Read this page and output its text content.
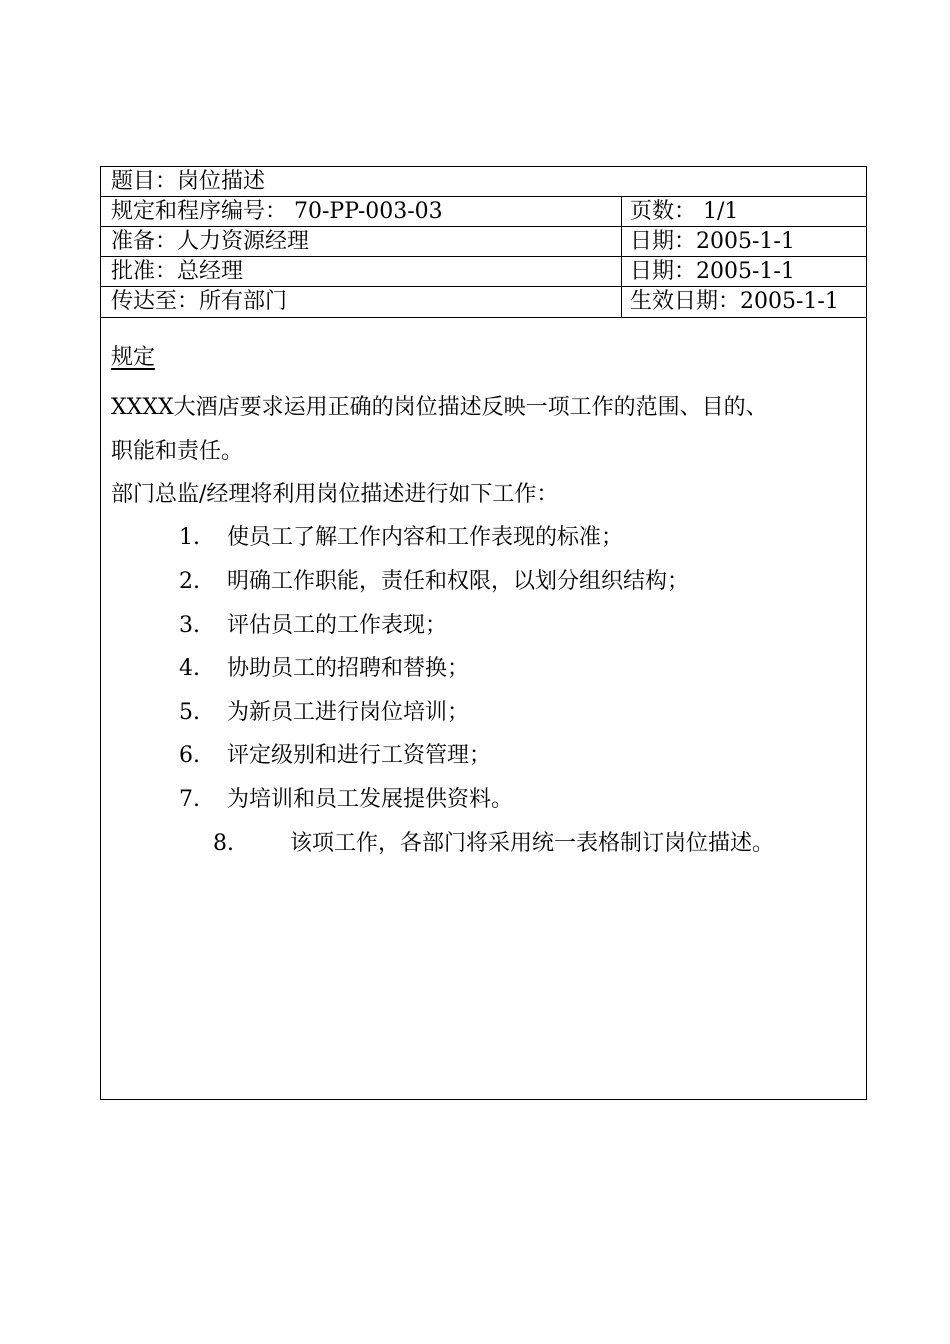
题目：岗位描述
规定和程序编号： 70-PP-003-03	页数： 1/1
准备：人力资源经理	日期：2005-1-1
批准：总经理	日期：2005-1-1
传达至：所有部门	生效日期：2005-1-1
规定
XXXX大酒店要求运用正确的岗位描述反映一项工作的范围、目的、
职能和责任。
部门总监/经理将利用岗位描述进行如下工作：
1. 使员工了解工作内容和工作表现的标准；
2. 明确工作职能，责任和权限，以划分组织结构；
3. 评估员工的工作表现；
4. 协助员工的招聘和替换；
5. 为新员工进行岗位培训；
6. 评定级别和进行工资管理；
7. 为培训和员工发展提供资料。
8.	该项工作，各部门将采用统一表格制订岗位描述。
